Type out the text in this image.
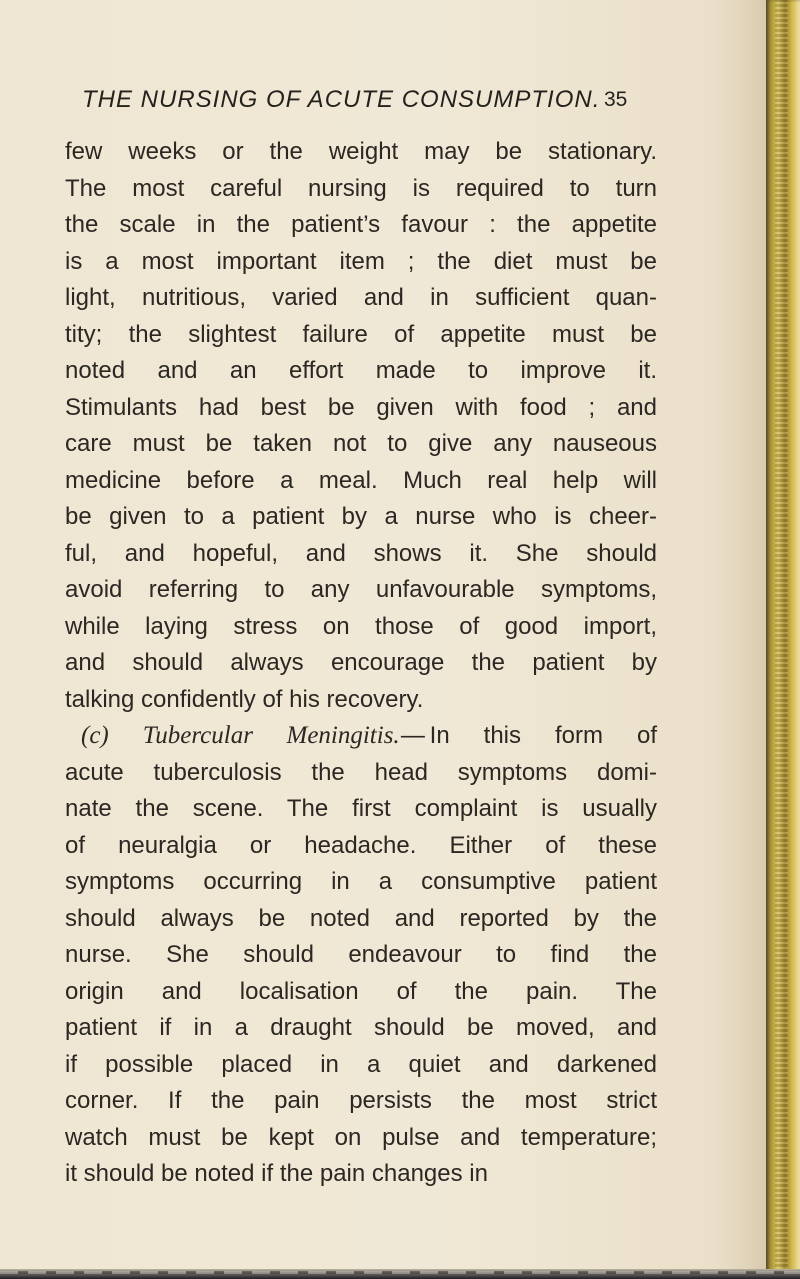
THE NURSING OF ACUTE CONSUMPTION. 35
few weeks or the weight may be stationary.
The most careful nursing is required to turn
the scale in the patient’s favour : the appetite
is a most important item ; the diet must be
light, nutritious, varied and in sufficient quan-
tity; the slightest failure of appetite must be
noted and an effort made to improve it.
Stimulants had best be given with food ; and
care must be taken not to give any nauseous
medicine before a meal. Much real help will
be given to a patient by a nurse who is cheer-
ful, and hopeful, and shows it. She should
avoid referring to any unfavourable symptoms,
while laying stress on those of good import,
and should always encourage the patient by
talking confidently of his recovery.
(c) Tubercular Meningitis.— In this form of
acute tuberculosis the head symptoms domi-
nate the scene. The first complaint is usually
of neuralgia or headache. Either of these
symptoms occurring in a consumptive patient
should always be noted and reported by the
nurse. She should endeavour to find the
origin and localisation of the pain. The
patient if in a draught should be moved, and
if possible placed in a quiet and darkened
corner. If the pain persists the most strict
watch must be kept on pulse and temperature;
it should be noted if the pain changes in
